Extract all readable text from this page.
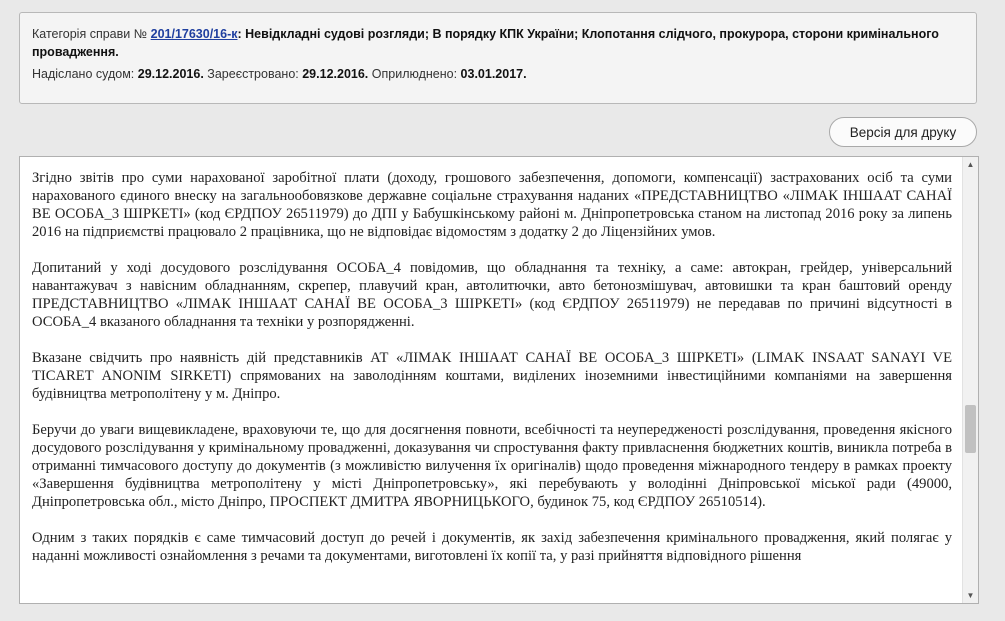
Категорія справи № 201/17630/16-к: Невідкладні судові розгляди; В порядку КПК України; Клопотання слідчого, прокурора, сторони кримінального провадження.
Надіслано судом: 29.12.2016. Зареєстровано: 29.12.2016. Оприлюднено: 03.01.2017.
Версія для друку

Згідно звітів про суми нарахованої заробітної плати (доходу, грошового забезпечення, допомоги, компенсації) застрахованих осіб та суми нарахованого єдиного внеску на загальнообовязкове державне соціальне страхування наданих «ПРЕДСТАВНИЦТВО «ЛІМАК ІНШААТ САНАЇ ВЕ ОСОБА_3 ШІРКЕТІ» (код ЄРДПОУ 26511979) до ДПІ у Бабушкінському районі м. Дніпропетровська станом на листопад 2016 року за липень 2016 на підприємстві працювало 2 працівника, що не відповідає відомостям з додатку 2 до Ліцензійних умов.

Допитаний у ході досудового розслідування ОСОБА_4 повідомив, що обладнання та техніку, а саме: автокран, грейдер, універсальний навантажувач з навісним обладнанням, скрепер, плавучий кран, автолитючки, авто бетонозмішувач, автовишки та кран баштовий оренду ПРЕДСТАВНИЦТВО «ЛІМАК ІНШААТ САНАЇ ВЕ ОСОБА_3 ШІРКЕТІ» (код ЄРДПОУ 26511979) не передавав по причині відсутності в ОСОБА_4 вказаного обладнання та техніки у розпорядженні.

Вказане свідчить про наявність дій представників АТ «ЛІМАК ІНШААТ САНАЇ ВЕ ОСОБА_3 ШІРКЕТІ» (LIMAK INSAAT SANAYI VE TICARET ANONIM SIRKETI) спрямованих на заволодінням коштами, виділених іноземними інвестиційними компаніями на завершення будівництва метрополітену у м. Дніпро.

Беручи до уваги вищевикладене, враховуючи те, що для досягнення повноти, всебічності та неупередженості розслідування, проведення якісного досудового розслідування у кримінальному провадженні, доказування чи спростування факту привласнення бюджетних коштів, виникла потреба в отриманні тимчасового доступу до документів (з можливістю вилучення їх оригіналів) щодо проведення міжнародного тендеру в рамках проекту «Завершення будівництва метрополітену у місті Дніпропетровську», які перебувають у володінні Дніпровської міської ради (49000, Дніпропетровська обл., місто Дніпро, ПРОСПЕКТ ДМИТРА ЯВОРНИЦЬКОГО, будинок 75, код ЄРДПОУ 26510514).

Одним з таких порядків є саме тимчасовий доступ до речей і документів, як захід забезпечення кримінального провадження, який полягає у наданні можливості ознайомлення з речами та документами, виготовлені їх копії та, у разі прийняття відповідного рішення

▲
▼
